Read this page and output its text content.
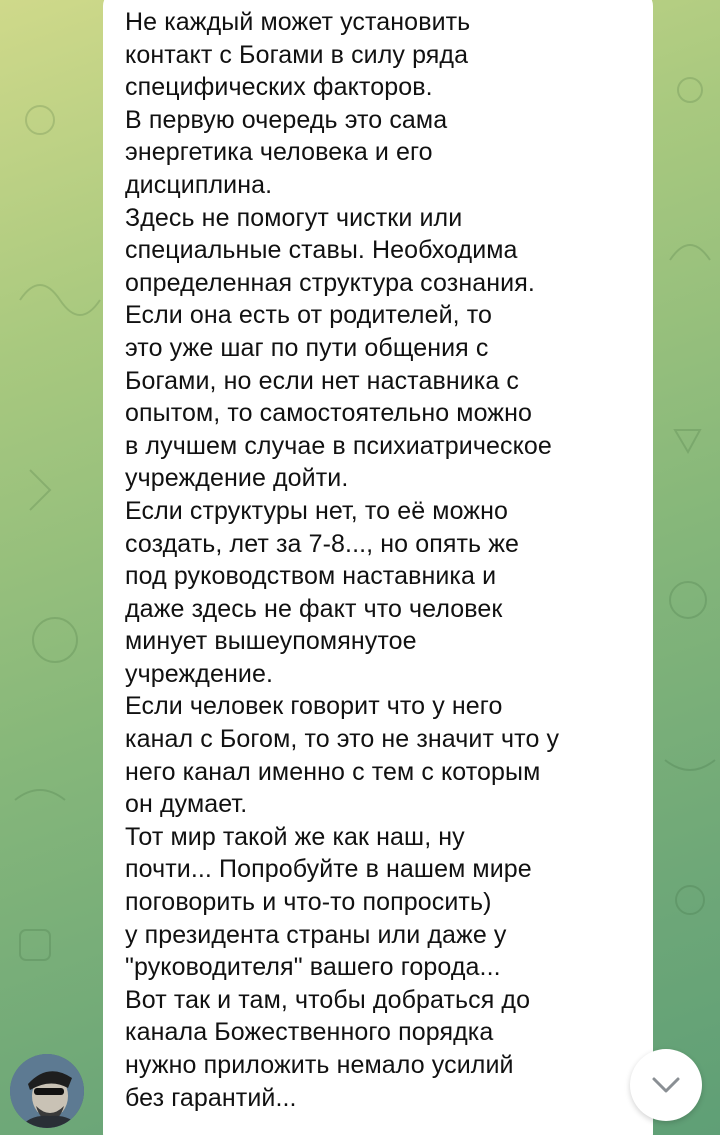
Не каждый может установить
контакт с Богами в силу ряда
специфических факторов.
В первую очередь это сама
энергетика человека и его
дисциплина.
Здесь не помогут чистки или
специальные ставы. Необходима
определенная структура сознания.
Если она есть от родителей, то
это уже шаг по пути общения с
Богами, но если нет наставника с
опытом, то самостоятельно можно
в лучшем случае в психиатрическое
учреждение дойти.
Если структуры нет, то её можно
создать, лет за 7-8..., но опять же
под руководством наставника и
даже здесь не факт что человек
минует вышеупомянутое
учреждение.
Если человек говорит что у него
канал с Богом, то это не значит что у
него канал именно с тем с которым
он думает.
Тот мир такой же как наш, ну
почти... Попробуйте в нашем мире
поговорить и что-то попросить)
у президента страны или даже у
"руководителя" вашего города...
Вот так и там, чтобы добраться до
канала Божественного порядка
нужно приложить немало усилий
без гарантий...
